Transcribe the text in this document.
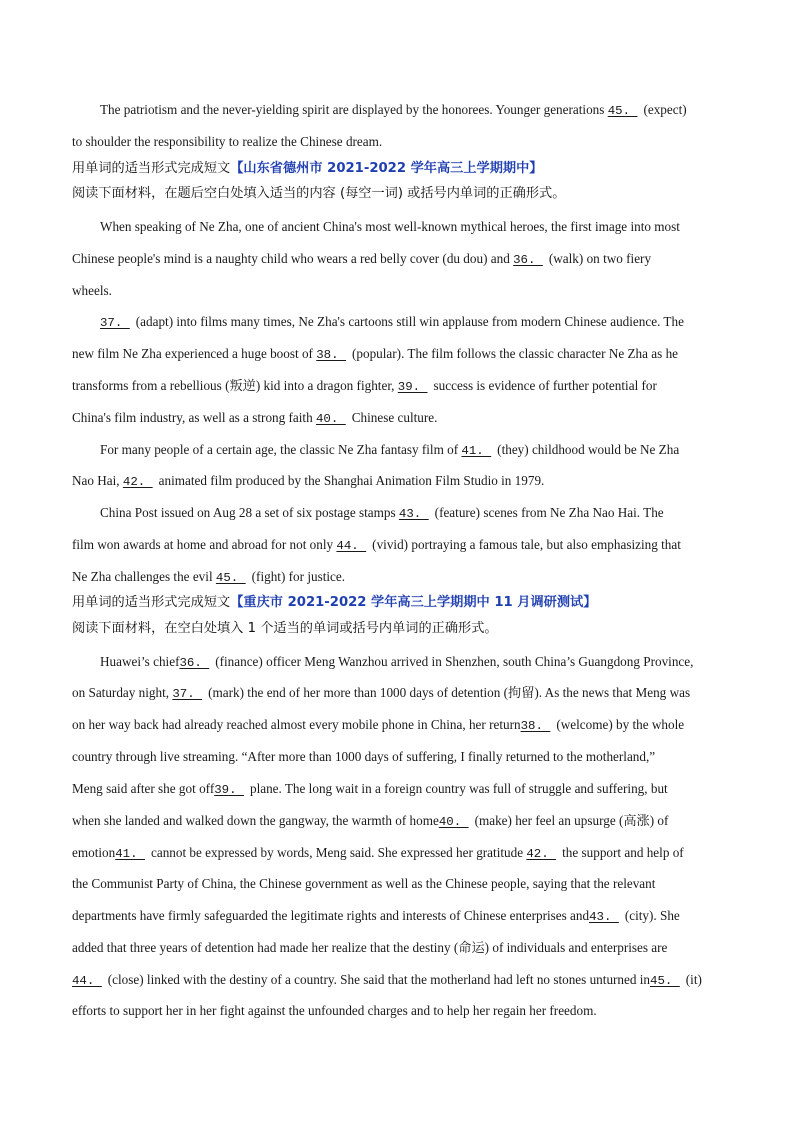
The patriotism and the never-yielding spirit are displayed by the honorees. Younger generations 45. (expect)
to shoulder the responsibility to realize the Chinese dream.
用单词的适当形式完成短文【山东省德州市 2021-2022 学年高三上学期期中】
阅读下面材料，在题后空白处填入适当的内容 (每空一词) 或括号内单词的正确形式。
When speaking of Ne Zha, one of ancient China's most well-known mythical heroes, the first image into most
Chinese people's mind is a naughty child who wears a red belly cover (du dou) and 36. (walk) on two fiery
wheels.
37. (adapt) into films many times, Ne Zha's cartoons still win applause from modern Chinese audience. The
new film Ne Zha experienced a huge boost of 38. (popular). The film follows the classic character Ne Zha as he
transforms from a rebellious (叛逆) kid into a dragon fighter, 39. success is evidence of further potential for
China's film industry, as well as a strong faith 40. Chinese culture.
For many people of a certain age, the classic Ne Zha fantasy film of 41. (they) childhood would be Ne Zha
Nao Hai, 42. animated film produced by the Shanghai Animation Film Studio in 1979.
China Post issued on Aug 28 a set of six postage stamps 43. (feature) scenes from Ne Zha Nao Hai. The
film won awards at home and abroad for not only 44. (vivid) portraying a famous tale, but also emphasizing that
Ne Zha challenges the evil 45. (fight) for justice.
用单词的适当形式完成短文【重庆市 2021-2022 学年高三上学期期中 11 月调研测试】
阅读下面材料，在空白处填入 1 个适当的单词或括号内单词的正确形式。
Huawei’s chief36. (finance) officer Meng Wanzhou arrived in Shenzhen, south China’s Guangdong Province,
on Saturday night, 37. (mark) the end of her more than 1000 days of detention (拘留). As the news that Meng was
on her way back had already reached almost every mobile phone in China, her return38. (welcome) by the whole
country through live streaming. “After more than 1000 days of suffering, I finally returned to the motherland,”
Meng said after she got off39. plane. The long wait in a foreign country was full of struggle and suffering, but
when she landed and walked down the gangway, the warmth of home40. (make) her feel an upsurge (高涨) of
emotion41. cannot be expressed by words, Meng said. She expressed her gratitude 42. the support and help of
the Communist Party of China, the Chinese government as well as the Chinese people, saying that the relevant
departments have firmly safeguarded the legitimate rights and interests of Chinese enterprises and43. (city). She
added that three years of detention had made her realize that the destiny (命运) of individuals and enterprises are
44. (close) linked with the destiny of a country. She said that the motherland had left no stones unturned in45. (it)
efforts to support her in her fight against the unfounded charges and to help her regain her freedom.
